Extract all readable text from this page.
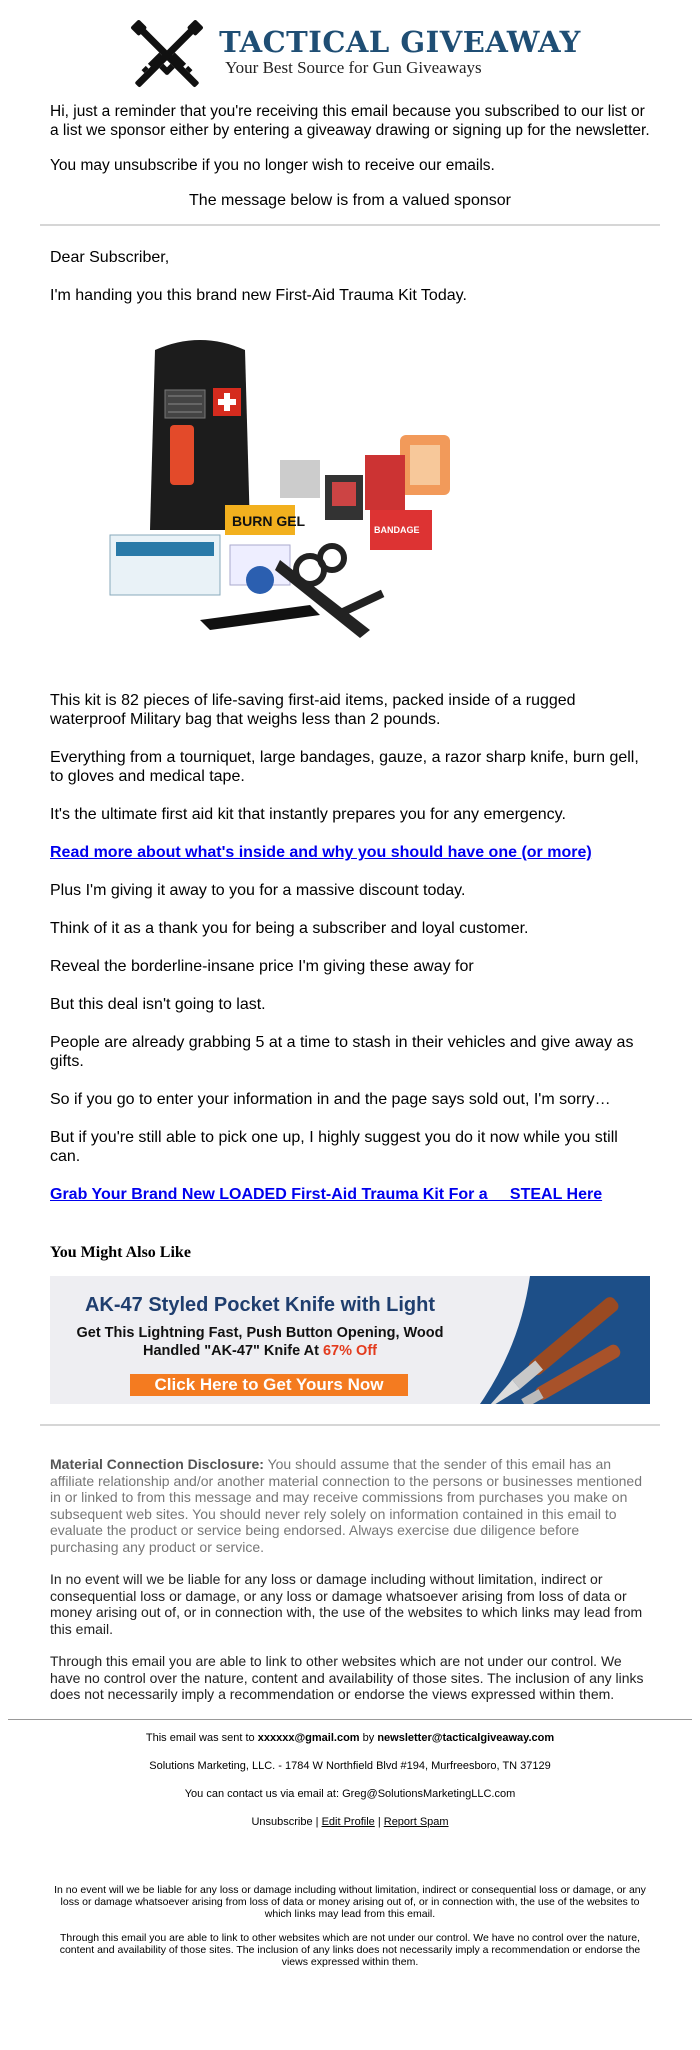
TACTICAL GIVEAWAY
Your Best Source for Gun Giveaways

Hi, just a reminder that you're receiving this email because you subscribed to our list or a list we sponsor either by entering a giveaway drawing or signing up for the newsletter.

You may unsubscribe if you no longer wish to receive our emails.

The message below is from a valued sponsor

Dear Subscriber,

I'm handing you this brand new First-Aid Trauma Kit Today.

BURN GEL
BANDAGE

This kit is 82 pieces of life-saving first-aid items, packed inside of a rugged waterproof Military bag that weighs less than 2 pounds.

Everything from a tourniquet, large bandages, gauze, a razor sharp knife, burn gell, to gloves and medical tape.

It's the ultimate first aid kit that instantly prepares you for any emergency.

Read more about what's inside and why you should have one (or more)

Plus I'm giving it away to you for a massive discount today.

Think of it as a thank you for being a subscriber and loyal customer.

Reveal the borderline-insane price I'm giving these away for

But this deal isn't going to last.

People are already grabbing 5 at a time to stash in their vehicles and give away as gifts.

So if you go to enter your information in and the page says sold out, I'm sorry…

But if you're still able to pick one up, I highly suggest you do it now while you still can.

Grab Your Brand New LOADED First-Aid Trauma Kit For a     STEAL Here

You Might Also Like
AK-47 Styled Pocket Knife with Light
Get This Lightning Fast, Push Button Opening, Wood
Handled "AK-47" Knife At 67% Off
Click Here to Get Yours Now

Material Connection Disclosure: You should assume that the sender of this email has an affiliate relationship and/or another material connection to the persons or businesses mentioned in or linked to from this message and may receive commissions from purchases you make on subsequent web sites. You should never rely solely on information contained in this email to evaluate the product or service being endorsed. Always exercise due diligence before purchasing any product or service.

In no event will we be liable for any loss or damage including without limitation, indirect or consequential loss or damage, or any loss or damage whatsoever arising from loss of data or money arising out of, or in connection with, the use of the websites to which links may lead from this email.

Through this email you are able to link to other websites which are not under our control. We have no control over the nature, content and availability of those sites. The inclusion of any links does not necessarily imply a recommendation or endorse the views expressed within them.

This email was sent to xxxxxx@gmail.com by newsletter@tacticalgiveaway.com

Solutions Marketing, LLC. - 1784 W Northfield Blvd #194, Murfreesboro, TN 37129

You can contact us via email at: Greg@SolutionsMarketingLLC.com

Unsubscribe | Edit Profile | Report Spam

In no event will we be liable for any loss or damage including without limitation, indirect or consequential loss or damage, or any loss or damage whatsoever arising from loss of data or money arising out of, or in connection with, the use of the websites to which links may lead from this email.

Through this email you are able to link to other websites which are not under our control. We have no control over the nature, content and availability of those sites. The inclusion of any links does not necessarily imply a recommendation or endorse the views expressed within them.
